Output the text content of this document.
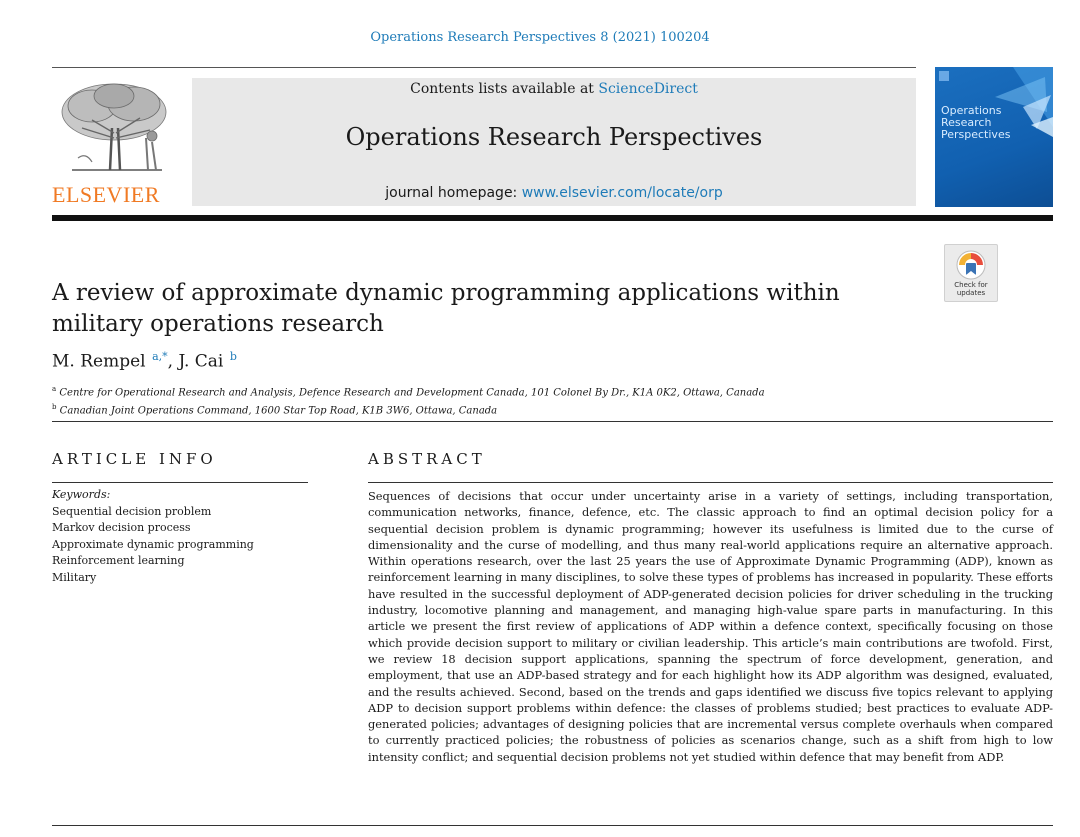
Operations Research Perspectives 8 (2021) 100204
ELSEVIER
Contents lists available at ScienceDirect
Operations Research Perspectives
journal homepage: www.elsevier.com/locate/orp
Operations
Research
Perspectives
Check for
updates
A review of approximate dynamic programming applications within military operations research
M. Rempel   $^{a,*}$, J. Cai   $^b$
$^a$ Centre for Operational Research and Analysis, Defence Research and Development Canada, 101 Colonel By Dr., K1A 0K2, Ottawa, Canada
$^b$ Canadian Joint Operations Command, 1600 Star Top Road, K1B 3W6, Ottawa, Canada
ARTICLE INFO	ABSTRACT
Keywords:
Sequential decision problem
Markov decision process
Approximate dynamic programming
Reinforcement learning
Military

Sequences of decisions that occur under uncertainty arise in a variety of settings, including transportation, communication networks, finance, defence, etc. The classic approach to find an optimal decision policy for a sequential decision problem is dynamic programming; however its usefulness is limited due to the curse of dimensionality and the curse of modelling, and thus many real-world applications require an alternative approach. Within operations research, over the last 25 years the use of Approximate Dynamic Programming (ADP), known as reinforcement learning in many disciplines, to solve these types of problems has increased in popularity. These efforts have resulted in the successful deployment of ADP-generated decision policies for driver scheduling in the trucking industry, locomotive planning and management, and managing high-value spare parts in manufacturing. In this article we present the first review of applications of ADP within a defence context, specifically focusing on those which provide decision support to military or civilian leadership. This article’s main contributions are twofold. First, we review 18 decision support applications, spanning the spectrum of force development, generation, and employment, that use an ADP-based strategy and for each highlight how its ADP algorithm was designed, evaluated, and the results achieved. Second, based on the trends and gaps identified we discuss five topics relevant to applying ADP to decision support problems within defence: the classes of problems studied; best practices to evaluate ADP-generated policies; advantages of designing policies that are incremental versus complete overhauls when compared to currently practiced policies; the robustness of policies as scenarios change, such as a shift from high to low intensity conflict; and sequential decision problems not yet studied within defence that may benefit from ADP.
